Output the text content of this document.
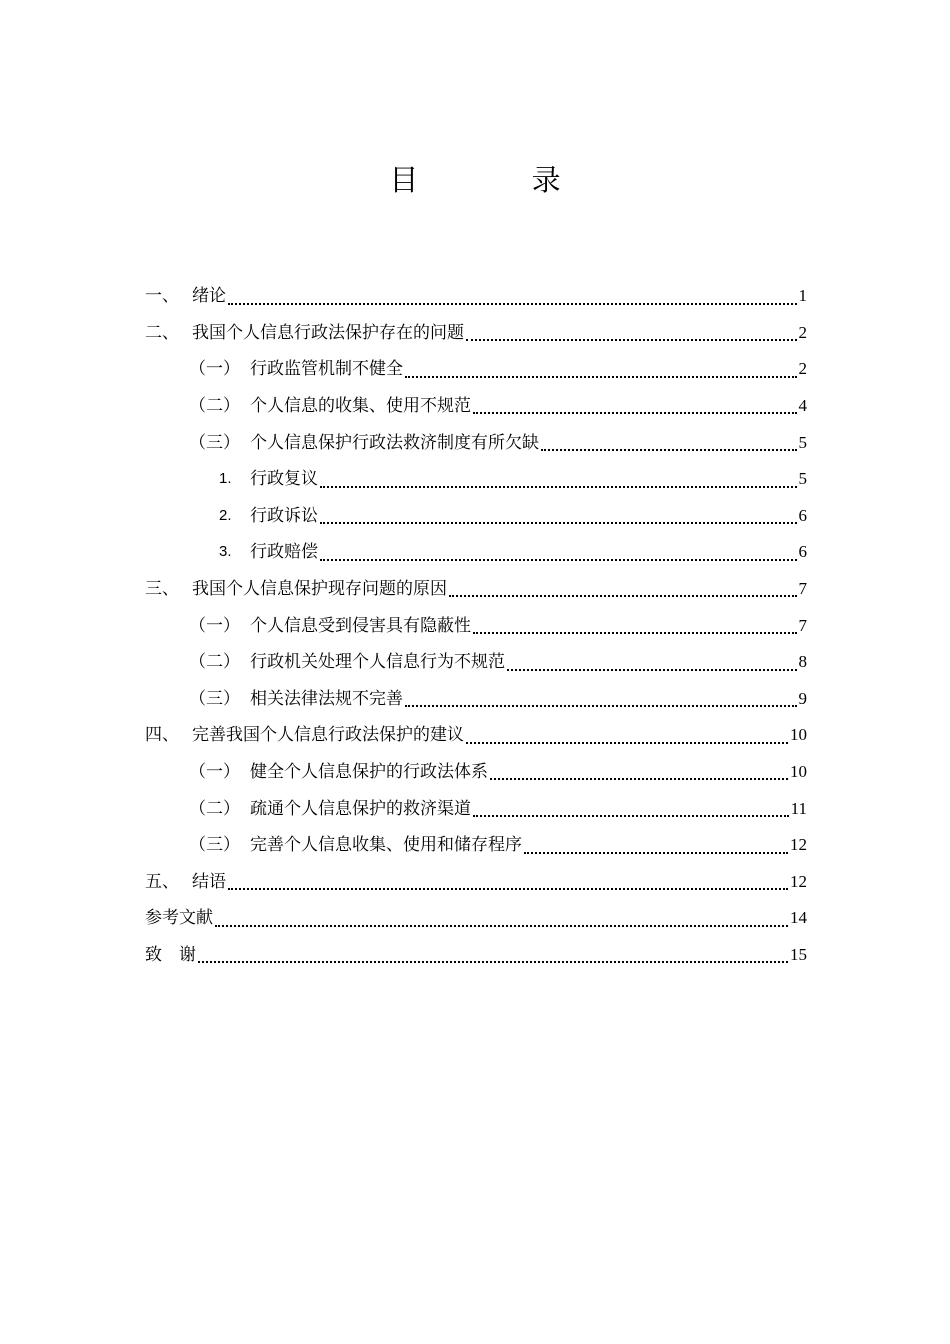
目 录
一、 绪论	1
二、 我国个人信息行政法保护存在的问题	2
（一） 行政监管机制不健全	2
（二） 个人信息的收集、使用不规范	4
（三） 个人信息保护行政法救济制度有所欠缺	5
1.	行政复议	5
2.	行政诉讼	6
3.	行政赔偿	6
三、 我国个人信息保护现存问题的原因	7
（一） 个人信息受到侵害具有隐蔽性	7
（二） 行政机关处理个人信息行为不规范	8
（三） 相关法律法规不完善	9
四、 完善我国个人信息行政法保护的建议	10
（一） 健全个人信息保护的行政法体系	10
（二） 疏通个人信息保护的救济渠道	11
（三） 完善个人信息收集、使用和储存程序	12
五、 结语	12
参考文献	14
致 谢	15
